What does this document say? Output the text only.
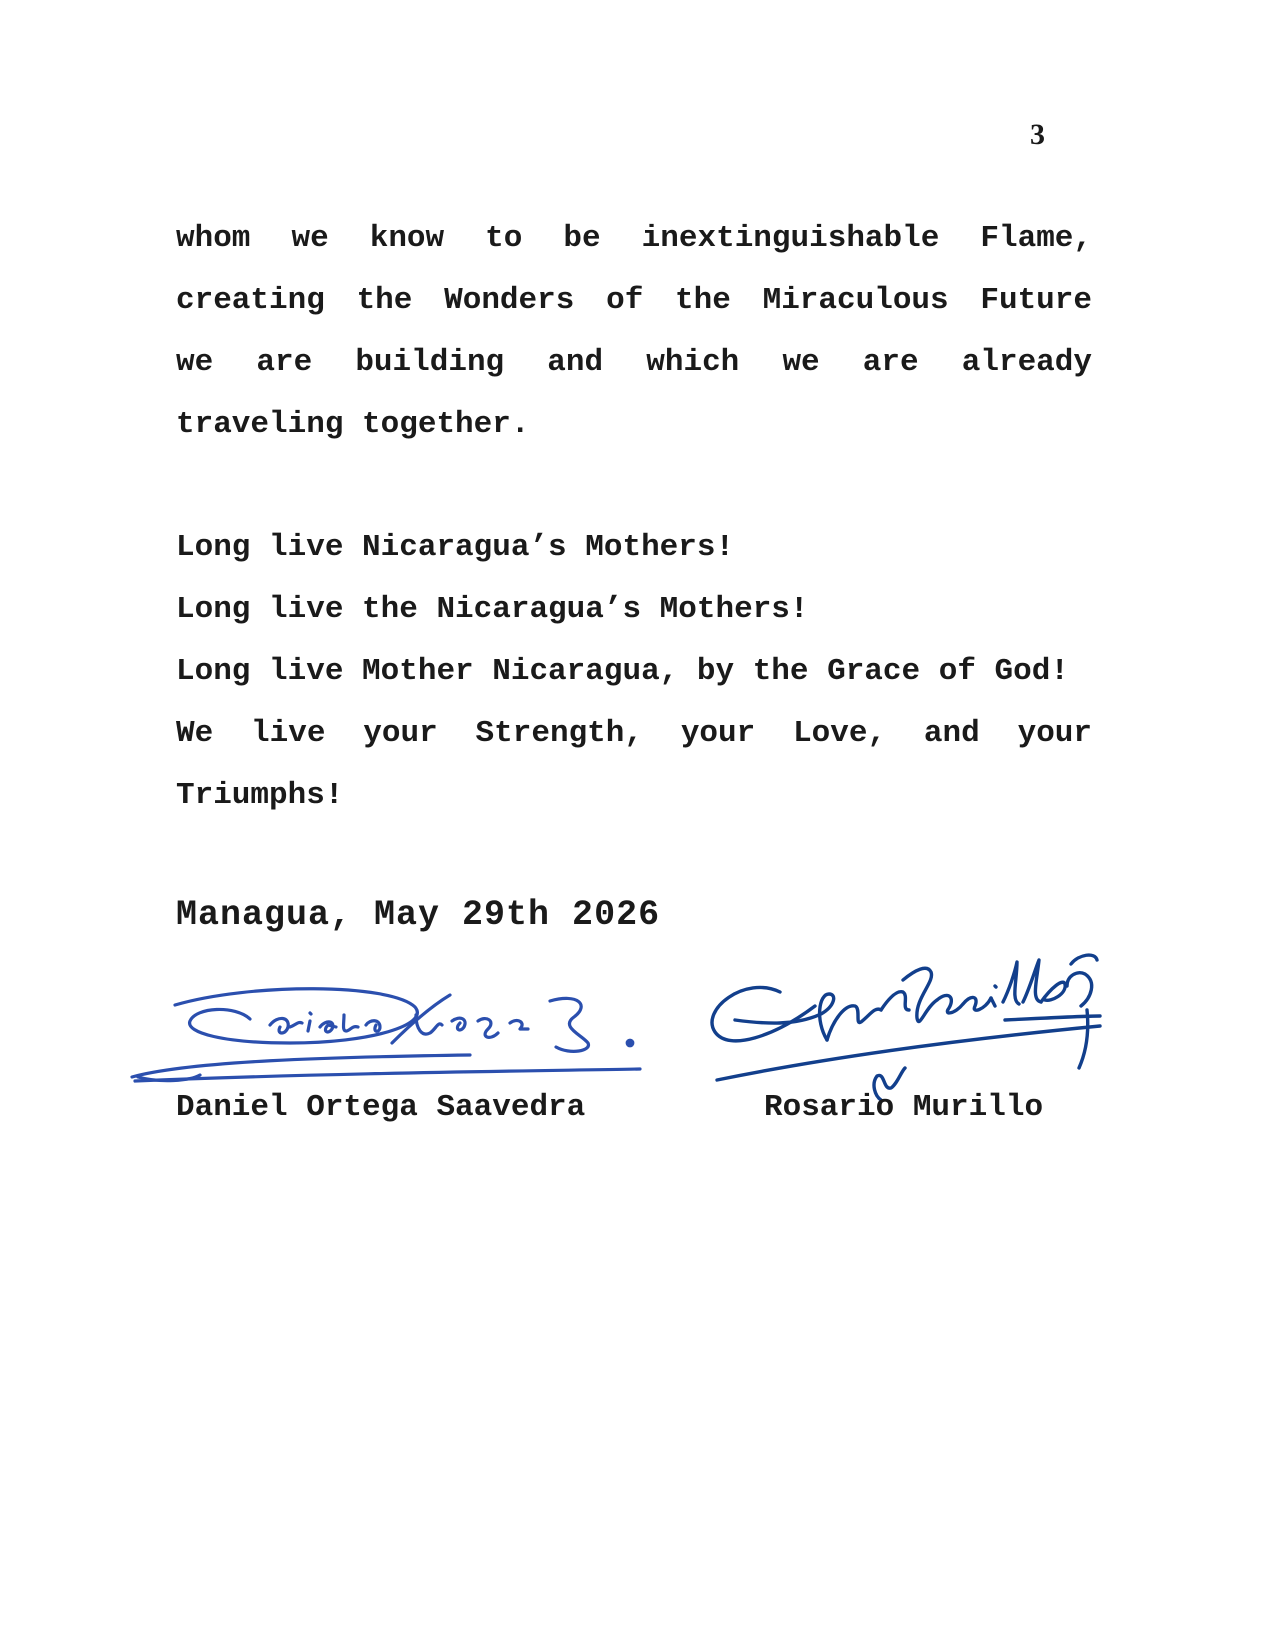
3
whom we know to be inextinguishable Flame,
creating the Wonders of the Miraculous Future
we are building and which we are already
traveling together.
Long live Nicaragua’s Mothers!
Long live the Nicaragua’s Mothers!
Long live Mother Nicaragua, by the Grace of God!
We live your Strength, your Love, and your
Triumphs!
Managua, May 29th 2026
Daniel Ortega Saavedra	Rosario Murillo
